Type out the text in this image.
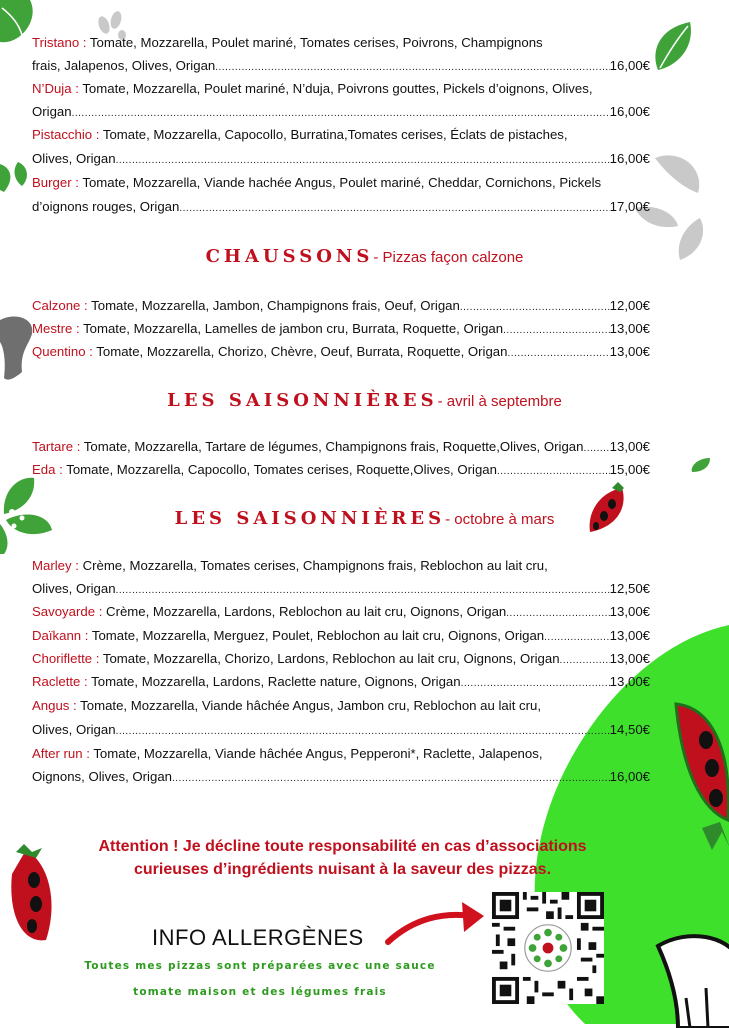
Tristano : Tomate, Mozzarella, Poulet mariné, Tomates cerises, Poivrons, Champignons
frais, Jalapenos, Olives, Origan .....	16,00€
N’Duja : Tomate, Mozzarella, Poulet mariné, N’duja, Poivrons gouttes, Pickels d’oignons, Olives,
Origan .....	16,00€
Pistacchio : Tomate, Mozzarella, Capocollo, Burratina,Tomates cerises, Éclats de pistaches,
Olives, Origan .....	16,00€
Burger : Tomate, Mozzarella, Viande hachée Angus, Poulet mariné, Cheddar, Cornichons, Pickels
d’oignons rouges, Origan .....	17,00€
CHAUSSONS- Pizzas façon calzone
Calzone : Tomate, Mozzarella, Jambon, Champignons frais, Oeuf, Origan .....	12,00€
Mestre : Tomate, Mozzarella, Lamelles de jambon cru, Burrata, Roquette, Origan .....	13,00€
Quentino : Tomate, Mozzarella, Chorizo, Chèvre, Oeuf, Burrata, Roquette, Origan .....	13,00€
LES SAISONNIÈRES- avril à septembre
Tartare : Tomate, Mozzarella, Tartare de légumes, Champignons frais, Roquette,Olives, Origan ..... 13,00€
Eda : Tomate, Mozzarella, Capocollo, Tomates cerises, Roquette,Olives, Origan .....	15,00€
LES SAISONNIÈRES- octobre à mars
Marley : Crème, Mozzarella, Tomates cerises, Champignons frais, Reblochon au lait cru,
Olives, Origan .....	12,50€
Savoyarde : Crème, Mozzarella, Lardons, Reblochon au lait cru, Oignons, Origan .....	13,00€
Daïkann : Tomate, Mozzarella, Merguez, Poulet, Reblochon au lait cru, Oignons, Origan .....	13,00€
Choriflette : Tomate, Mozzarella, Chorizo, Lardons, Reblochon au lait cru, Oignons, Origan .....	13,00€
Raclette : Tomate, Mozzarella, Lardons, Raclette nature, Oignons, Origan .....	13,00€
Angus : Tomate, Mozzarella, Viande hâchée Angus, Jambon cru, Reblochon au lait cru,
Olives, Origan .....	14,50€
After run : Tomate, Mozzarella, Viande hâchée Angus, Pepperoni*, Raclette, Jalapenos,
Oignons, Olives, Origan .....	16,00€
Attention ! Je décline toute responsabilité en cas d’associations
curieuses d’ingrédients nuisant à la saveur des pizzas.
INFO ALLERGÈNES
Toutes mes pizzas sont préparées avec une sauce
tomate maison et des légumes frais
